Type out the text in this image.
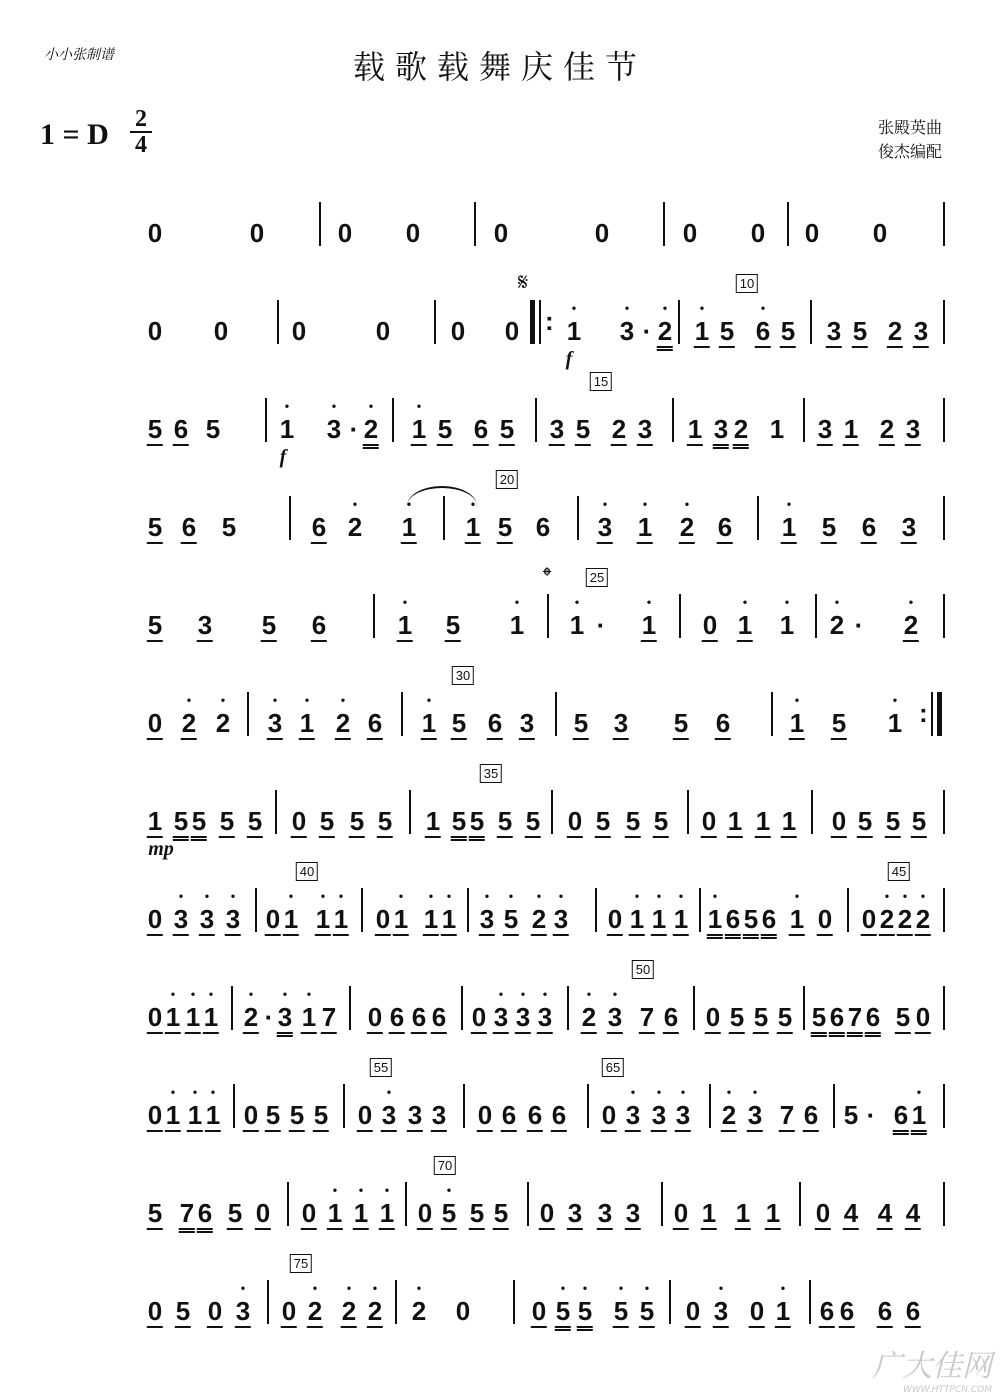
小小张制谱	载歌载舞庆佳节
1 = D 2
4
张殿英曲
俊杰编配
0	0	0 0	0	0	0 0 0 0
0 0 0	0 0 0 • 1 • 3 · • 2 • 1 5 • 6 5 3 5 2 3
:
𝄋
f
10
5 6 5 • 1 • 3 · • 2 • 1 5 6 5 3 5 2 3 1 3 2 1 3 1 2 3
f
15
5 6 5	6 • 2 • 1 • 1 5 6 • 3 • 1 • 2 6 • 1 5 6 3
20
5 3 5 6	• 1 5 • 1 • 1 · • 1 0 • 1 • 1 • 2 · • 2
𝄌	25
0 • 2 • 2 • 3 • 1 • 2 6 • 1 5 6 3 5 3 5 6 • 1 5 • 1 :
30
1 5 5 5 5 0 5 5 5 1 5 5 5 5 0 5 5 5 0 1 1 1 0 5 5 5
mp
35
0 • 3 • 3 • 3 0 • 1 • 1 • 1 0 • 1 • 1 • 1 • 3 • 5 • 2 • 3 0 • 1 • 1 • 1 • 1 6 5 6 • 1 0 0 • 2 • 2 • 2
40	45
0 • 1 • 1 • 1 • 2 · • 3 • 1 7 0 6 6 6 0 • 3 • 3 • 3 • 2 • 3 7 6 0 5 5 5 5 6 7 6 5 0
50
0 • 1 • 1 • 1 0 5 5 5 0 • 3 3 3 0 6 6 6 0 • 3 • 3 • 3 • 2 • 3 7 6 5 · 6 • 1
55	65
5 7 6 5 0 0 • 1 • 1 • 1 0 • 5 5 5 0 3 3 3 0 1 1 1 0 4 4 4
70
0 5 0 • 3 0 • 2 • 2 • 2 • 2 0 0 • 5 • 5 • 5 • 5 0 • 3 0 • 1 6 6 6 6
75
广大佳网
WWW.HTTPCN.COM
